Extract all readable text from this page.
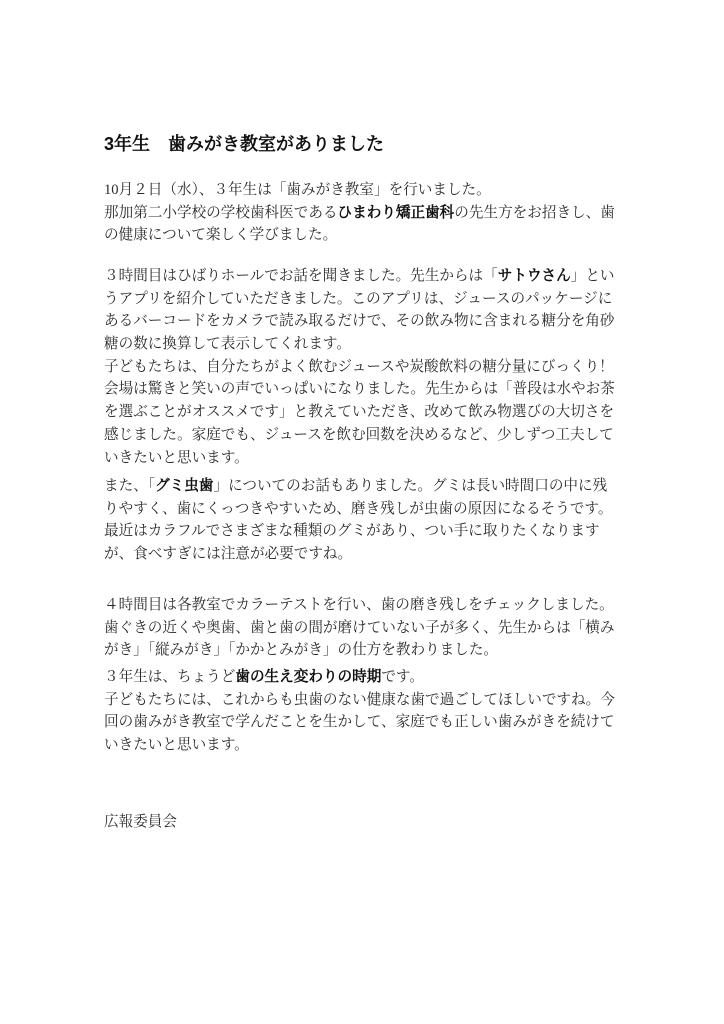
3年生　歯みがき教室がありました
10月２日（水）、３年生は「歯みがき教室」を行いました。
那加第二小学校の学校歯科医であるひまわり矯正歯科の先生方をお招きし、歯
の健康について楽しく学びました。
３時間目はひばりホールでお話を聞きました。先生からは「サトウさん」とい
うアプリを紹介していただきました。このアプリは、ジュースのパッケージに
あるバーコードをカメラで読み取るだけで、その飲み物に含まれる糖分を角砂
糖の数に換算して表示してくれます。
子どもたちは、自分たちがよく飲むジュースや炭酸飲料の糖分量にびっくり！
会場は驚きと笑いの声でいっぱいになりました。先生からは「普段は水やお茶
を選ぶことがオススメです」と教えていただき、改めて飲み物選びの大切さを
感じました。家庭でも、ジュースを飲む回数を決めるなど、少しずつ工夫して
いきたいと思います。
また、「グミ虫歯」についてのお話もありました。グミは長い時間口の中に残
りやすく、歯にくっつきやすいため、磨き残しが虫歯の原因になるそうです。
最近はカラフルでさまざまな種類のグミがあり、つい手に取りたくなります
が、食べすぎには注意が必要ですね。
４時間目は各教室でカラーテストを行い、歯の磨き残しをチェックしました。
歯ぐきの近くや奥歯、歯と歯の間が磨けていない子が多く、先生からは「横み
がき」「縦みがき」「かかとみがき」の仕方を教わりました。
３年生は、ちょうど歯の生え変わりの時期です。
子どもたちには、これからも虫歯のない健康な歯で過ごしてほしいですね。今
回の歯みがき教室で学んだことを生かして、家庭でも正しい歯みがきを続けて
いきたいと思います。
広報委員会
